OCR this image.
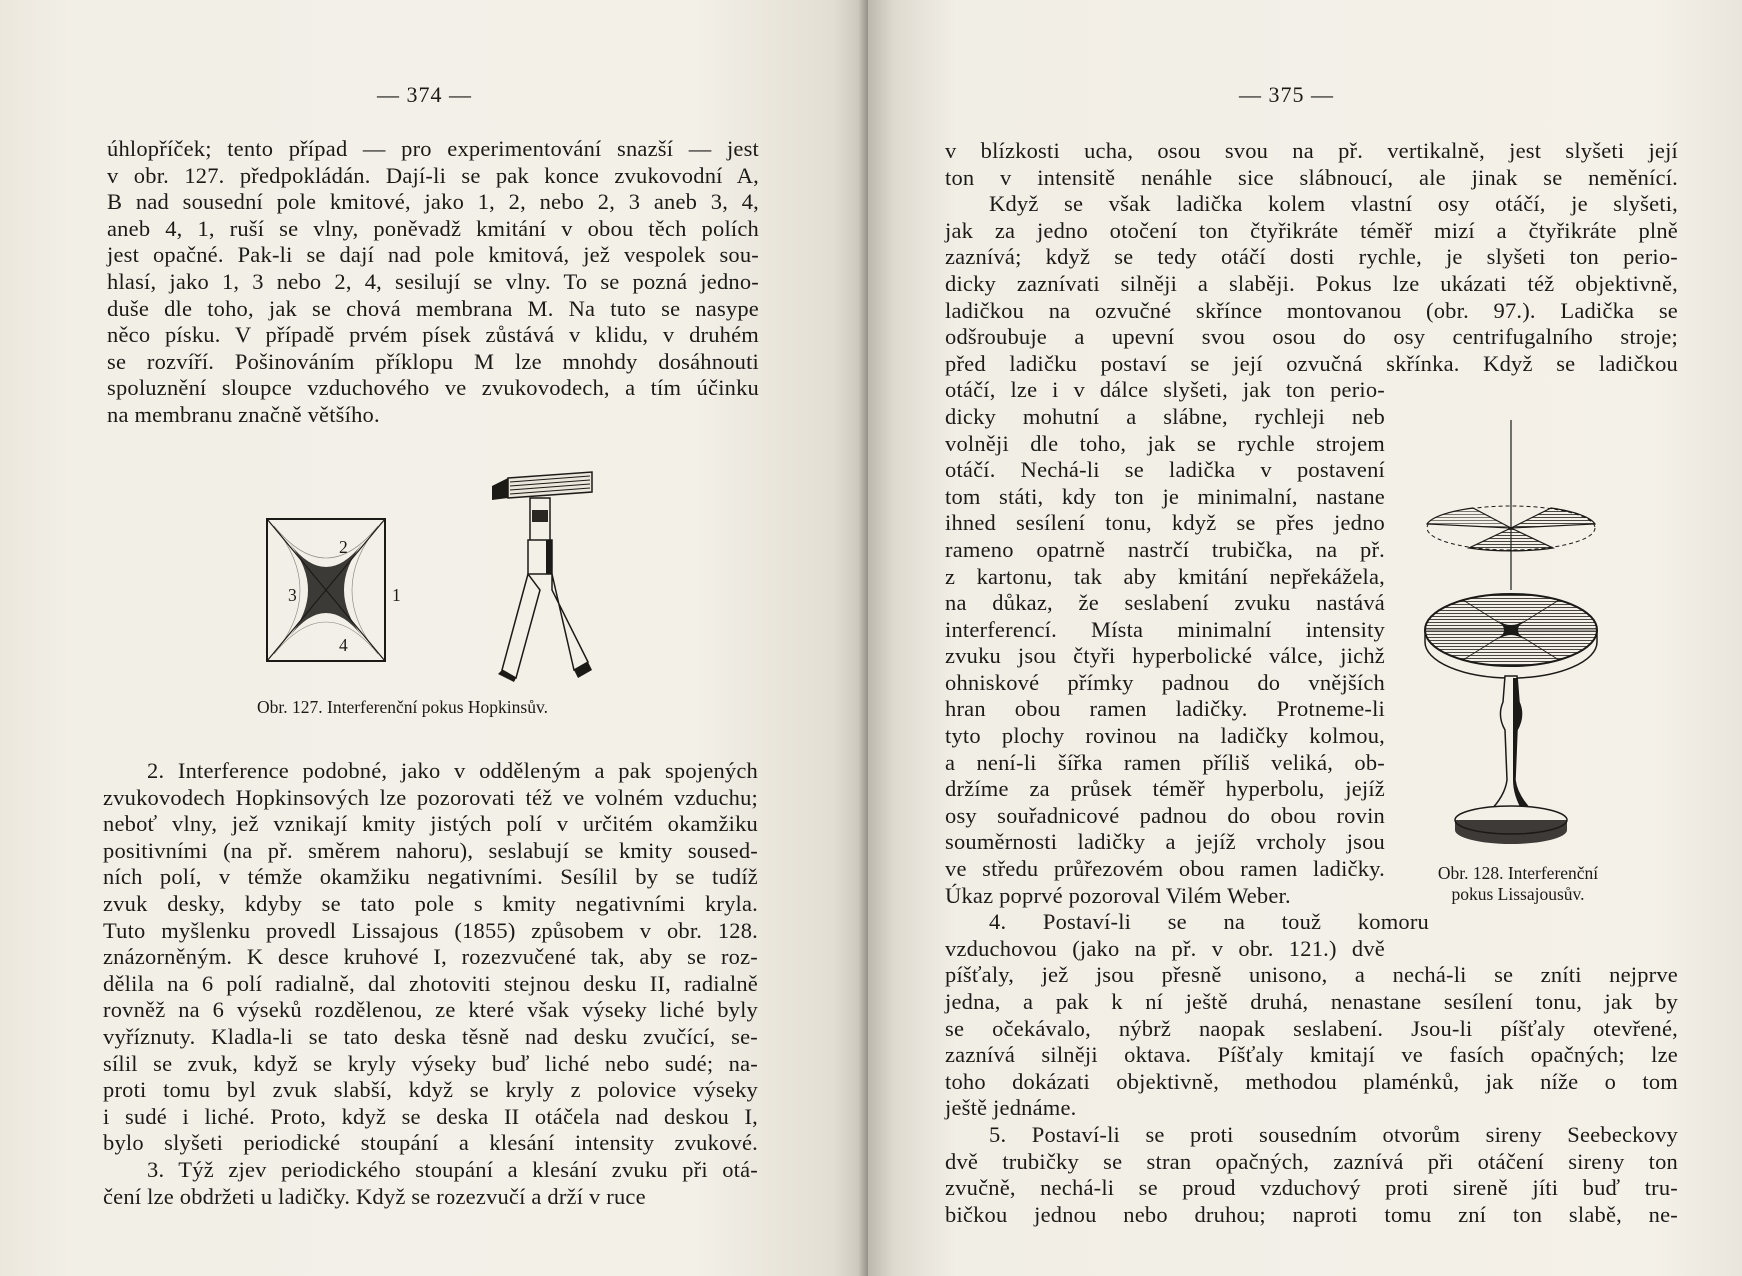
— 374 —
úhlopříček; tento případ — pro experimentování snazší — jest
v obr. 127. předpokládán. Dají-li se pak konce zvukovodní A,
B nad sousední pole kmitové, jako 1, 2, nebo 2, 3 aneb 3, 4,
aneb 4, 1, ruší se vlny, poněvadž kmitání v obou těch polích
jest opačné. Pak-li se dají nad pole kmitová, jež vespolek sou-
hlasí, jako 1, 3 nebo 2, 4, sesilují se vlny. To se pozná jedno-
duše dle toho, jak se chová membrana M. Na tuto se nasype
něco písku. V případě prvém písek zůstává v klidu, v druhém
se rozvíří. Pošinováním příklopu M lze mnohdy dosáhnouti
spoluznění sloupce vzduchového ve zvukovodech, a tím účinku
na membranu značně většího.
2
3	1
4
Obr. 127. Interferenční pokus Hopkinsův.
2. Interference podobné, jako v odděleným a pak spojených
zvukovodech Hopkinsových lze pozorovati též ve volném vzduchu;
neboť vlny, jež vznikají kmity jistých polí v určitém okamžiku
positivními (na př. směrem nahoru), seslabují se kmity soused-
ních polí, v témže okamžiku negativními. Sesílil by se tudíž
zvuk desky, kdyby se tato pole s kmity negativními kryla.
Tuto myšlenku provedl Lissajous (1855) způsobem v obr. 128.
znázorněným. K desce kruhové I, rozezvučené tak, aby se roz-
dělila na 6 polí radialně, dal zhotoviti stejnou desku II, radialně
rovněž na 6 výseků rozdělenou, ze které však výseky liché byly
vyříznuty. Kladla-li se tato deska těsně nad desku zvučící, se-
sílil se zvuk, když se kryly výseky buď liché nebo sudé; na-
proti tomu byl zvuk slabší, když se kryly z polovice výseky
i sudé i liché. Proto, když se deska II otáčela nad deskou I,
bylo slyšeti periodické stoupání a klesání intensity zvukové.
3. Týž zjev periodického stoupání a klesání zvuku při otá-
čení lze obdržeti u ladičky. Když se rozezvučí a drží v ruce
— 375 —
v blízkosti ucha, osou svou na př. vertikalně, jest slyšeti její
ton v intensitě nenáhle sice slábnoucí, ale jinak se neměnící.
Když se však ladička kolem vlastní osy otáčí, je slyšeti,
jak za jedno otočení ton čtyřikráte téměř mizí a čtyřikráte plně
zaznívá; když se tedy otáčí dosti rychle, je slyšeti ton perio-
dicky zaznívati silněji a slaběji. Pokus lze ukázati též objektivně,
ladičkou na ozvučné skřínce montovanou (obr. 97.). Ladička se
odšroubuje a upevní svou osou do osy centrifugalního stroje;
před ladičku postaví se její ozvučná skřínka. Když se ladičkou
otáčí, lze i v dálce slyšeti, jak ton perio-
dicky mohutní a slábne, rychleji neb
volněji dle toho, jak se rychle strojem
otáčí. Nechá-li se ladička v postavení
tom státi, kdy ton je minimalní, nastane
ihned sesílení tonu, když se přes jedno
rameno opatrně nastrčí trubička, na př.
z kartonu, tak aby kmitání nepřekážela,
na důkaz, že seslabení zvuku nastává
interferencí. Místa minimalní intensity
zvuku jsou čtyři hyperbolické válce, jichž
ohniskové přímky padnou do vnějších
hran obou ramen ladičky. Protneme-li
tyto plochy rovinou na ladičky kolmou,
a není-li šířka ramen příliš veliká, ob-
držíme za průsek téměř hyperbolu, jejíž
osy souřadnicové padnou do obou rovin
souměrnosti ladičky a jejíž vrcholy jsou
ve středu průřezovém obou ramen ladičky.
Úkaz poprvé pozoroval Vilém Weber.
4. Postaví-li se na touž komoru
vzduchovou (jako na př. v obr. 121.) dvě
píšťaly, jež jsou přesně unisono, a nechá-li se zníti nejprve
jedna, a pak k ní ještě druhá, nenastane sesílení tonu, jak by
se očekávalo, nýbrž naopak seslabení. Jsou-li píšťaly otevřené,
zaznívá silněji oktava. Píšťaly kmitají ve fasích opačných; lze
toho dokázati objektivně, methodou plaménků, jak níže o tom
ještě jednáme.
5. Postaví-li se proti sousedním otvorům sireny Seebeckovy
dvě trubičky se stran opačných, zaznívá při otáčení sireny ton
zvučně, nechá-li se proud vzduchový proti sireně jíti buď tru-
bičkou jednou nebo druhou; naproti tomu zní ton slabě, ne-
Obr. 128. Interferenční
pokus Lissajousův.
